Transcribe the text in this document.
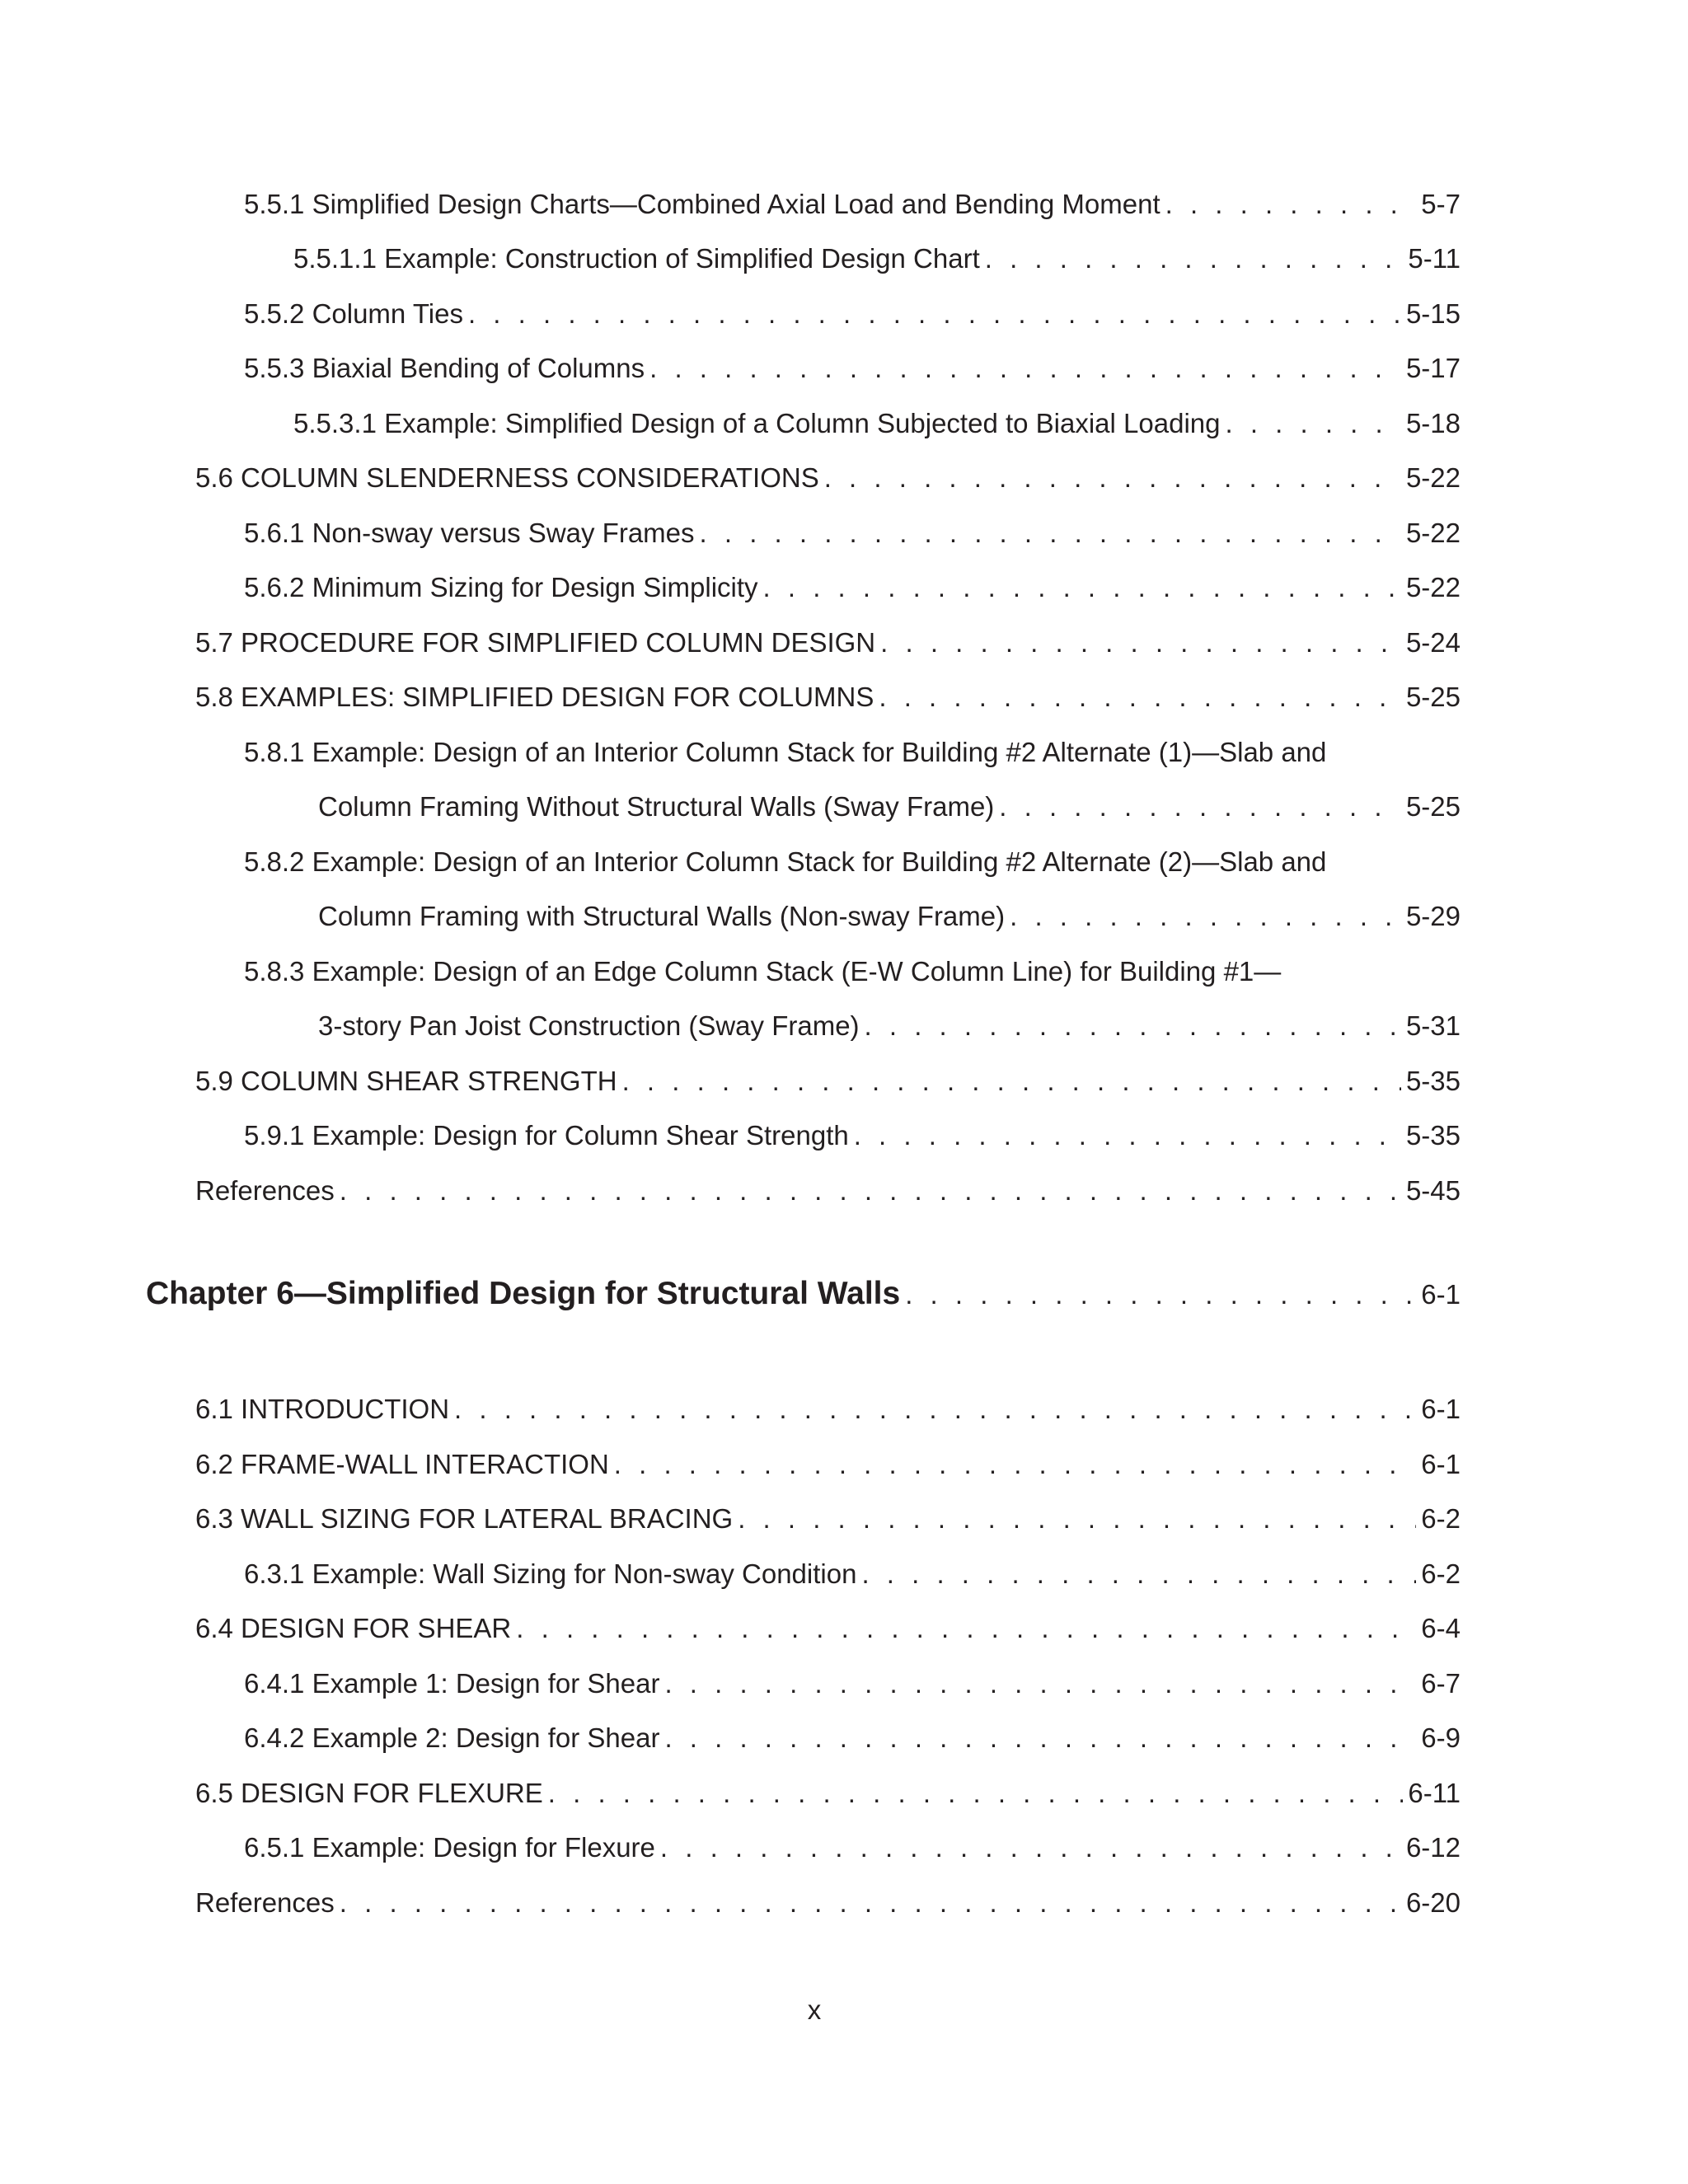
5.5.1 Simplified Design Charts—Combined Axial Load and Bending Moment . . .	5-7
5.5.1.1 Example: Construction of Simplified Design Chart . . .	5-11
5.5.2 Column Ties . . .	5-15
5.5.3 Biaxial Bending of Columns . . .	5-17
5.5.3.1 Example: Simplified Design of a Column Subjected to Biaxial Loading . . .	5-18
5.6 COLUMN SLENDERNESS CONSIDERATIONS . . .	5-22
5.6.1 Non-sway versus Sway Frames . . .	5-22
5.6.2 Minimum Sizing for Design Simplicity . . .	5-22
5.7 PROCEDURE FOR SIMPLIFIED COLUMN DESIGN . . .	5-24
5.8 EXAMPLES: SIMPLIFIED DESIGN FOR COLUMNS . . .	5-25
5.8.1 Example: Design of an Interior Column Stack for Building #2 Alternate (1)—Slab and
Column Framing Without Structural Walls (Sway Frame) . . .	5-25
5.8.2 Example: Design of an Interior Column Stack for Building #2 Alternate (2)—Slab and
Column Framing with Structural Walls (Non-sway Frame) . . .	5-29
5.8.3 Example: Design of an Edge Column Stack (E-W Column Line) for Building #1—
3-story Pan Joist Construction (Sway Frame) . . .	5-31
5.9 COLUMN SHEAR STRENGTH . . .	5-35
5.9.1 Example: Design for Column Shear Strength . . .	5-35
References . . .	5-45
Chapter 6—Simplified Design for Structural Walls . . .	6-1
6.1 INTRODUCTION . . .	6-1
6.2 FRAME-WALL INTERACTION . . .	6-1
6.3 WALL SIZING FOR LATERAL BRACING . . .	6-2
6.3.1 Example: Wall Sizing for Non-sway Condition . . .	6-2
6.4 DESIGN FOR SHEAR . . .	6-4
6.4.1 Example 1: Design for Shear . . .	6-7
6.4.2 Example 2: Design for Shear . . .	6-9
6.5 DESIGN FOR FLEXURE . . .	6-11
6.5.1 Example: Design for Flexure . . .	6-12
References . . .	6-20
x
